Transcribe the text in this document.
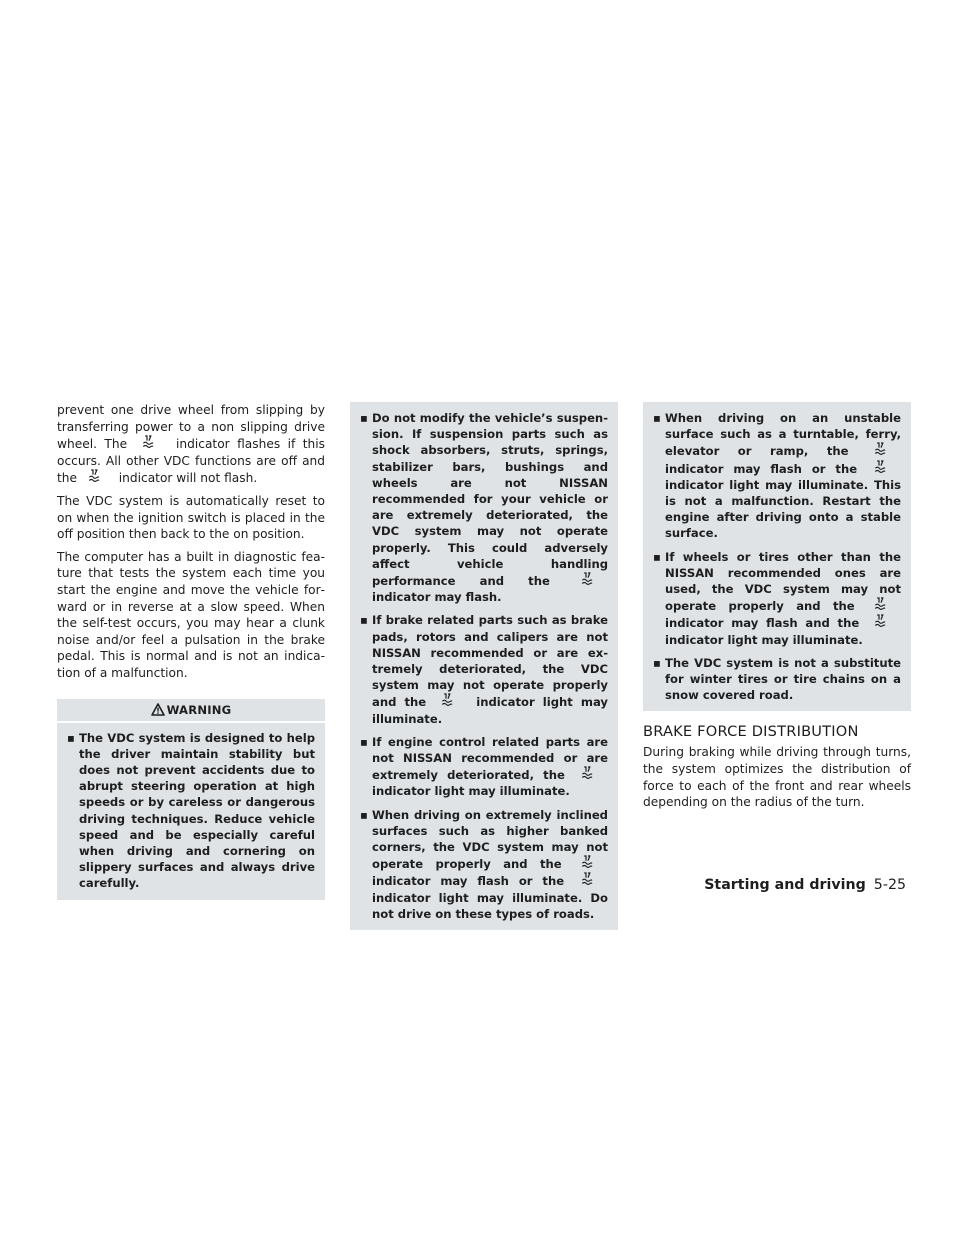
prevent one drive wheel from slipping by transferring power to a non slipping drive wheel. The	indicator flashes if this occurs. All other VDC functions are off and the	indicator will not flash.

The VDC system is automatically reset to on when the ignition switch is placed in the off position then back to the on position.

The computer has a built in diagnostic feature that tests the system each time you start the engine and move the vehicle forward or in reverse at a slow speed. When the self-test occurs, you may hear a clunk noise and/or feel a pulsation in the brake pedal. This is normal and is not an indication of a malfunction.

WARNING

▪ The VDC system is designed to help the driver maintain stability but does not prevent accidents due to abrupt steering operation at high speeds or by careless or dangerous driving techniques. Reduce vehicle speed and be especially careful when driving and cornering on slippery surfaces and always drive carefully.

▪ Do not modify the vehicle’s suspension. If suspension parts such as shock absorbers, struts, springs, stabilizer bars, bushings and wheels are not NISSAN recommended for your vehicle or are extremely deteriorated, the VDC system may not operate properly. This could adversely affect vehicle handling performance and the
indicator may flash.

▪ If brake related parts such as brake pads, rotors and calipers are not NISSAN recommended or are extremely deteriorated, the VDC system may not operate properly and the	indicator light may illuminate.

▪ If engine control related parts are not NISSAN recommended or are extremely deteriorated, the
indicator light may illuminate.

▪ When driving on extremely inclined surfaces such as higher banked corners, the VDC system may not operate properly and the
indicator may flash or the
indicator light may illuminate. Do not drive on these types of roads.

▪ When driving on an unstable surface such as a turntable, ferry, elevator or ramp, the
indicator may flash or the
indicator light may illuminate. This is not a malfunction. Restart the engine after driving onto a stable surface.

▪ If wheels or tires other than the NISSAN recommended ones are used, the VDC system may not operate properly and the
indicator may flash and the
indicator light may illuminate.

▪ The VDC system is not a substitute for winter tires or tire chains on a snow covered road.

BRAKE FORCE DISTRIBUTION

During braking while driving through turns, the system optimizes the distribution of force to each of the front and rear wheels depending on the radius of the turn.

Starting and driving 5-25
